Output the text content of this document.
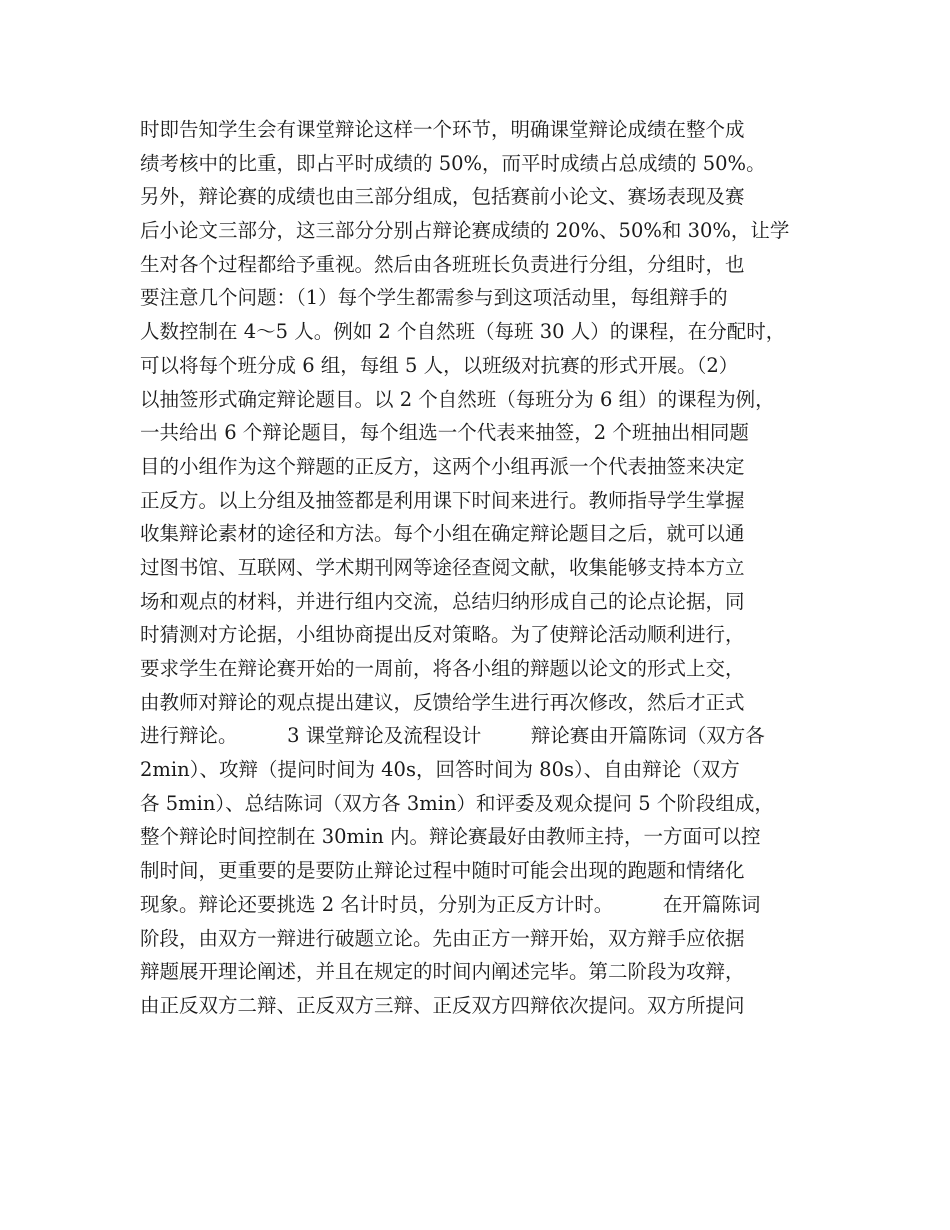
时即告知学生会有课堂辩论这样一个环节，明确课堂辩论成绩在整个成
绩考核中的比重，即占平时成绩的 50%，而平时成绩占总成绩的 50%。
另外，辩论赛的成绩也由三部分组成，包括赛前小论文、赛场表现及赛
后小论文三部分，这三部分分别占辩论赛成绩的 20%、50%和 30%，让学
生对各个过程都给予重视。然后由各班班长负责进行分组，分组时，也
要注意几个问题：（1）每个学生都需参与到这项活动里，每组辩手的
人数控制在 4～5 人。例如 2 个自然班（每班 30 人）的课程，在分配时，
可以将每个班分成 6 组，每组 5 人，以班级对抗赛的形式开展。（2）
以抽签形式确定辩论题目。以 2 个自然班（每班分为 6 组）的课程为例，
一共给出 6 个辩论题目，每个组选一个代表来抽签，2 个班抽出相同题
目的小组作为这个辩题的正反方，这两个小组再派一个代表抽签来决定
正反方。以上分组及抽签都是利用课下时间来进行。教师指导学生掌握
收集辩论素材的途径和方法。每个小组在确定辩论题目之后，就可以通
过图书馆、互联网、学术期刊网等途径查阅文献，收集能够支持本方立
场和观点的材料，并进行组内交流，总结归纳形成自己的论点论据，同
时猜测对方论据，小组协商提出反对策略。为了使辩论活动顺利进行，
要求学生在辩论赛开始的一周前，将各小组的辩题以论文的形式上交，
由教师对辩论的观点提出建议，反馈给学生进行再次修改，然后才正式
进行辩论。        3 课堂辩论及流程设计        辩论赛由开篇陈词（双方各
2min）、攻辩（提问时间为 40s，回答时间为 80s）、自由辩论（双方
各 5min）、总结陈词（双方各 3min）和评委及观众提问 5 个阶段组成，
整个辩论时间控制在 30min 内。辩论赛最好由教师主持，一方面可以控
制时间，更重要的是要防止辩论过程中随时可能会出现的跑题和情绪化
现象。辩论还要挑选 2 名计时员，分别为正反方计时。        在开篇陈词
阶段，由双方一辩进行破题立论。先由正方一辩开始，双方辩手应依据
辩题展开理论阐述，并且在规定的时间内阐述完毕。第二阶段为攻辩，
由正反双方二辩、正反双方三辩、正反双方四辩依次提问。双方所提问
